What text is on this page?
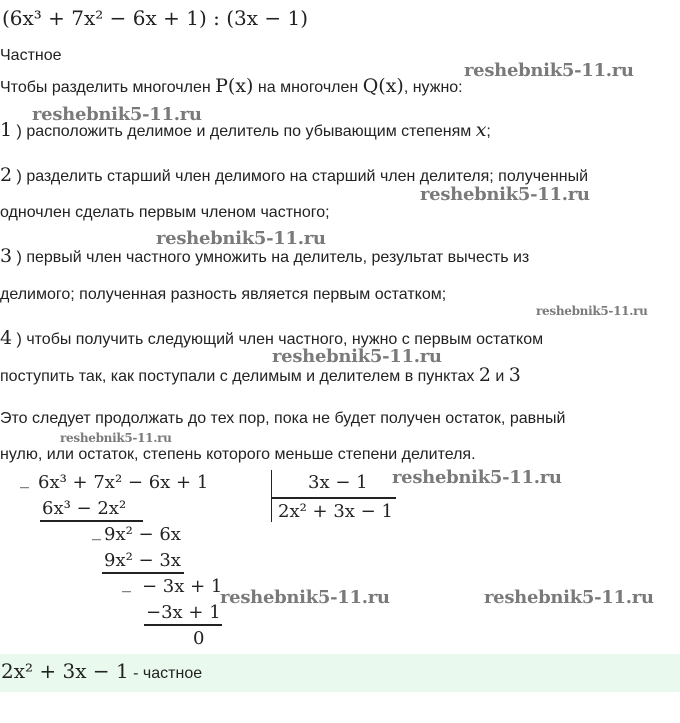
(6x³ + 7x² − 6x + 1) : (3x − 1)
Частное
Чтобы разделить многочлен P(x) на многочлен Q(x), нужно:
1 ) расположить делимое и делитель по убывающим степеням x;
2 ) разделить старший член делимого на старший член делителя; полученный
одночлен сделать первым членом частного;
3 ) первый член частного умножить на делитель, результат вычесть из
делимого; полученная разность является первым остатком;
4 ) чтобы получить следующий член частного, нужно с первым остатком
поступить так, как поступали с делимым и делителем в пунктах 2 и 3
Это следует продолжать до тех пор, пока не будет получен остаток, равный
нулю, или остаток, степень которого меньше степени делителя.
_ 6x³ + 7x² − 6x + 1
6x³ − 2x²
_ 9x² − 6x
9x² − 3x
_ − 3x + 1
−3x + 1
0
3x − 1
2x² + 3x − 1
2x² + 3x − 1 - частное
reshebnik5-11.ru
reshebnik5-11.ru
reshebnik5-11.ru
reshebnik5-11.ru
reshebnik5-11.ru
reshebnik5-11.ru
reshebnik5-11.ru
reshebnik5-11.ru
reshebnik5-11.ru	reshebnik5-11.ru
